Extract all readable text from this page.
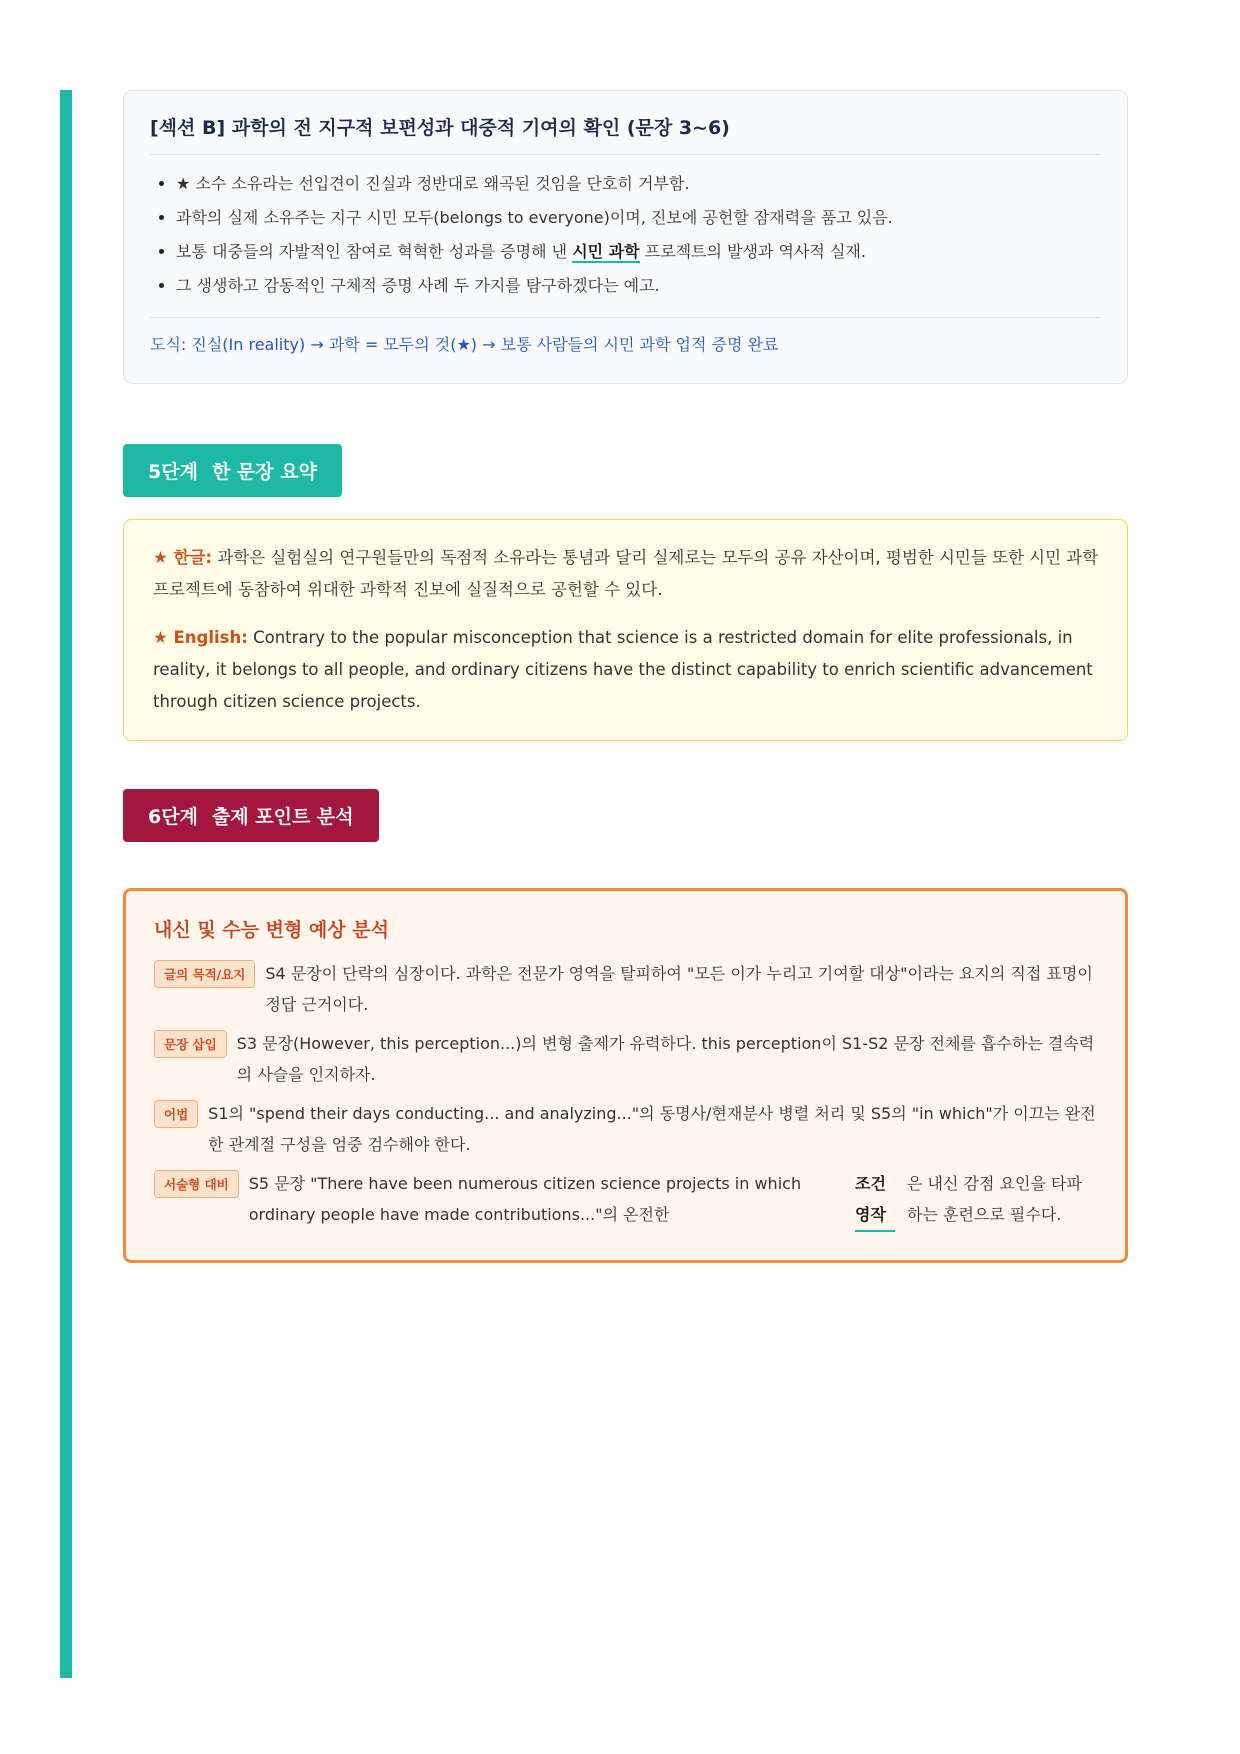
[섹션 B] 과학의 전 지구적 보편성과 대중적 기여의 확인 (문장 3~6)
• ★ 소수 소유라는 선입견이 진실과 정반대로 왜곡된 것임을 단호히 거부함.
• 과학의 실제 소유주는 지구 시민 모두(belongs to everyone)이며, 진보에 공헌할 잠재력을 품고 있음.
• 보통 대중들의 자발적인 참여로 혁혁한 성과를 증명해 낸 시민 과학 프로젝트의 발생과 역사적 실재.
• 그 생생하고 감동적인 구체적 증명 사례 두 가지를 탐구하겠다는 예고.
도식: 진실(In reality) → 과학 = 모두의 것(★) → 보통 사람들의 시민 과학 업적 증명 완료
5단계 한 문장 요약

★ 한글: 과학은 실험실의 연구원들만의 독점적 소유라는 통념과 달리 실제로는 모두의 공유 자산이며, 평범한 시민들 또한 시민 과학 프로젝트에 동참하여 위대한 과학적 진보에 실질적으로 공헌할 수 있다.

★ English: Contrary to the popular misconception that science is a restricted domain for elite professionals, in reality, it belongs to all people, and ordinary citizens have the distinct capability to enrich scientific advancement through citizen science projects.

6단계 출제 포인트 분석
내신 및 수능 변형 예상 분석
글의 목적/요지	S4 문장이 단락의 심장이다. 과학은 전문가 영역을 탈피하여 "모든 이가 누리고 기여할 대상"이라는 요지의 직접 표명이 정답 근거이다.
문장 삽입	S3 문장(However, this perception...)의 변형 출제가 유력하다. this perception이 S1-S2 문장 전체를 흡수하는 결속력의 사슬을 인지하자.
어법	S1의 "spend their days conducting... and analyzing..."의 동명사/현재분사 병렬 처리 및 S5의 "in which"가 이끄는 완전한 관계절 구성을 엄중 검수해야 한다.
서술형 대비	S5 문장 "There have been numerous citizen science projects in which ordinary people have made contributions..."의 온전한
조건 영작
은 내신 감점 요인을 타파하는 훈련으로 필수다.
